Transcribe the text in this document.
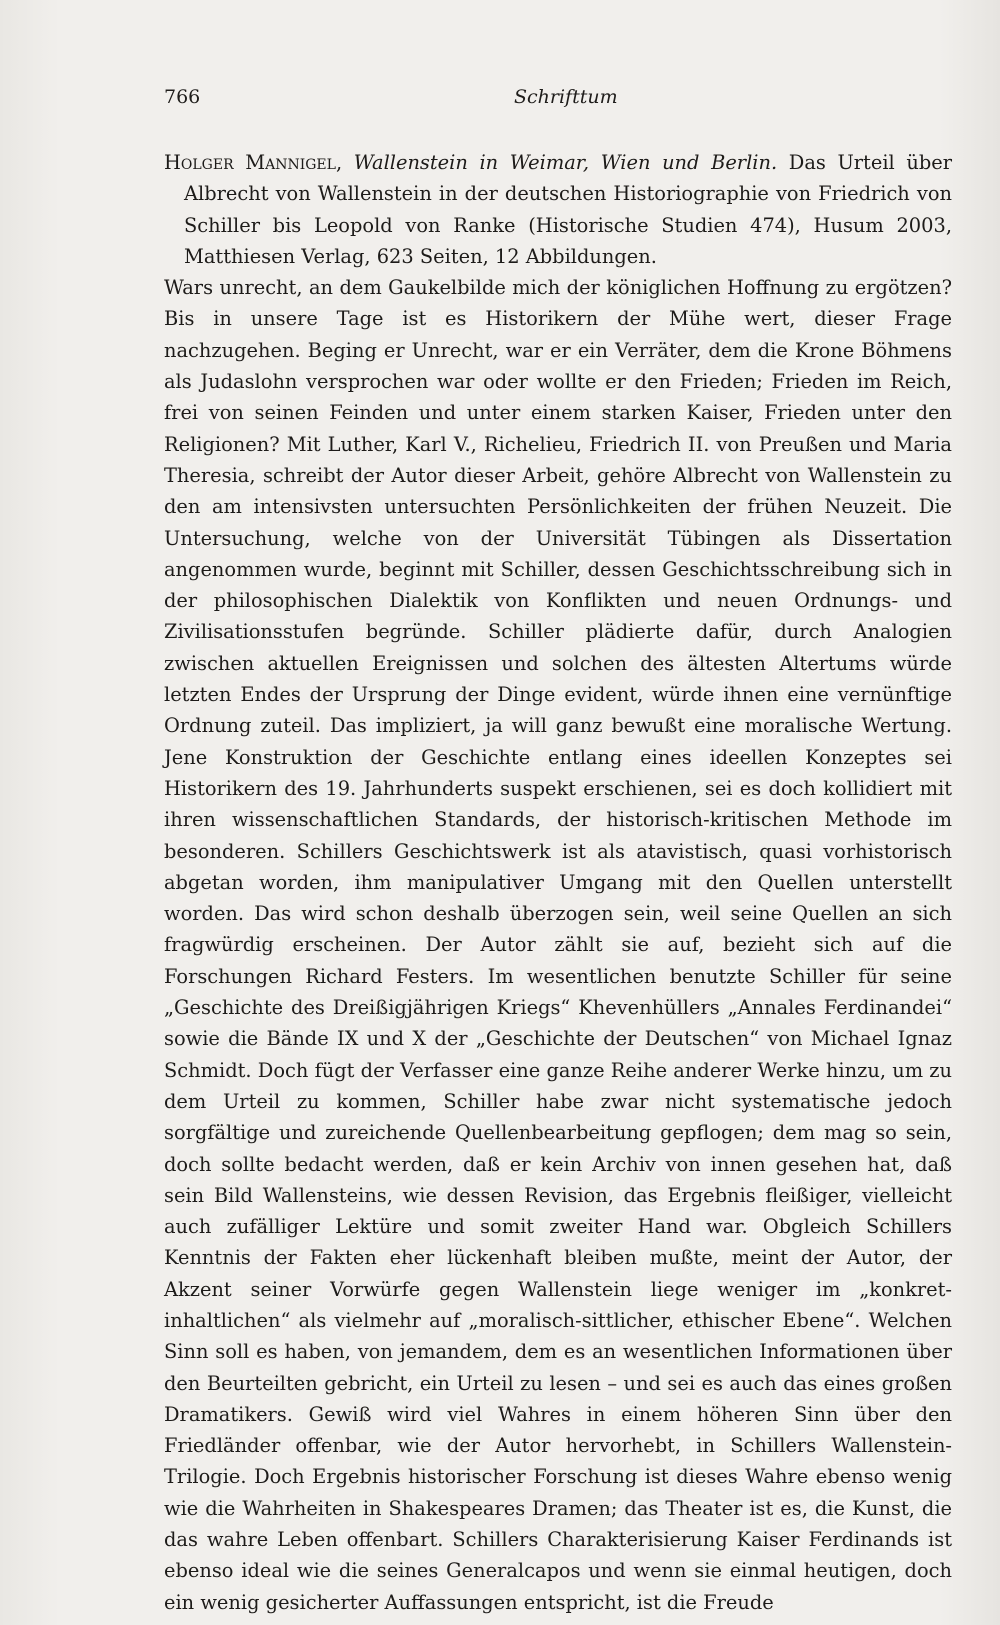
766	Schrifttum

Holger Mannigel, Wallenstein in Weimar, Wien und Berlin. Das Urteil über Albrecht von Wallenstein in der deutschen Historiographie von Friedrich von Schiller bis Leopold von Ranke (Historische Studien 474), Husum 2003, Matthiesen Verlag, 623 Seiten, 12 Abbildungen.

Wars unrecht, an dem Gaukelbilde mich der königlichen Hoffnung zu ergötzen? Bis in unsere Tage ist es Historikern der Mühe wert, dieser Frage nachzugehen. Beging er Unrecht, war er ein Verräter, dem die Krone Böhmens als Judaslohn versprochen war oder wollte er den Frieden; Frieden im Reich, frei von seinen Feinden und unter einem starken Kaiser, Frieden unter den Religionen? Mit Luther, Karl V., Richelieu, Friedrich II. von Preußen und Maria Theresia, schreibt der Autor dieser Arbeit, gehöre Albrecht von Wallenstein zu den am intensivsten untersuchten Persönlichkeiten der frühen Neuzeit. Die Untersuchung, welche von der Universität Tübingen als Dissertation angenommen wurde, beginnt mit Schiller, dessen Geschichtsschreibung sich in der philosophischen Dialektik von Konflikten und neuen Ordnungs- und Zivilisationsstufen begründe. Schiller plädierte dafür, durch Analogien zwischen aktuellen Ereignissen und solchen des ältesten Altertums würde letzten Endes der Ursprung der Dinge evident, würde ihnen eine vernünftige Ordnung zuteil. Das impliziert, ja will ganz bewußt eine moralische Wertung. Jene Konstruktion der Geschichte entlang eines ideellen Konzeptes sei Historikern des 19. Jahrhunderts suspekt erschienen, sei es doch kollidiert mit ihren wissenschaftlichen Standards, der historisch-kritischen Methode im besonderen. Schillers Geschichtswerk ist als atavistisch, quasi vorhistorisch abgetan worden, ihm manipulativer Umgang mit den Quellen unterstellt worden. Das wird schon deshalb überzogen sein, weil seine Quellen an sich fragwürdig erscheinen. Der Autor zählt sie auf, bezieht sich auf die Forschungen Richard Festers. Im wesentlichen benutzte Schiller für seine „Geschichte des Dreißigjährigen Kriegs“ Khevenhüllers „Annales Ferdinandei“ sowie die Bände IX und X der „Geschichte der Deutschen“ von Michael Ignaz Schmidt. Doch fügt der Verfasser eine ganze Reihe anderer Werke hinzu, um zu dem Urteil zu kommen, Schiller habe zwar nicht systematische jedoch sorgfältige und zureichende Quellenbearbeitung gepflogen; dem mag so sein, doch sollte bedacht werden, daß er kein Archiv von innen gesehen hat, daß sein Bild Wallensteins, wie dessen Revision, das Ergebnis fleißiger, vielleicht auch zufälliger Lektüre und somit zweiter Hand war. Obgleich Schillers Kenntnis der Fakten eher lückenhaft bleiben mußte, meint der Autor, der Akzent seiner Vorwürfe gegen Wallenstein liege weniger im „konkret-inhaltlichen“ als vielmehr auf „moralisch-sittlicher, ethischer Ebene“. Welchen Sinn soll es haben, von jemandem, dem es an wesentlichen Informationen über den Beurteilten gebricht, ein Urteil zu lesen – und sei es auch das eines großen Dramatikers. Gewiß wird viel Wahres in einem höheren Sinn über den Friedländer offenbar, wie der Autor hervorhebt, in Schillers Wallenstein-Trilogie. Doch Ergebnis historischer Forschung ist dieses Wahre ebenso wenig wie die Wahrheiten in Shakespeares Dramen; das Theater ist es, die Kunst, die das wahre Leben offenbart. Schillers Charakterisierung Kaiser Ferdinands ist ebenso ideal wie die seines Generalcapos und wenn sie einmal heutigen, doch ein wenig gesicherter Auffassungen entspricht, ist die Freude
